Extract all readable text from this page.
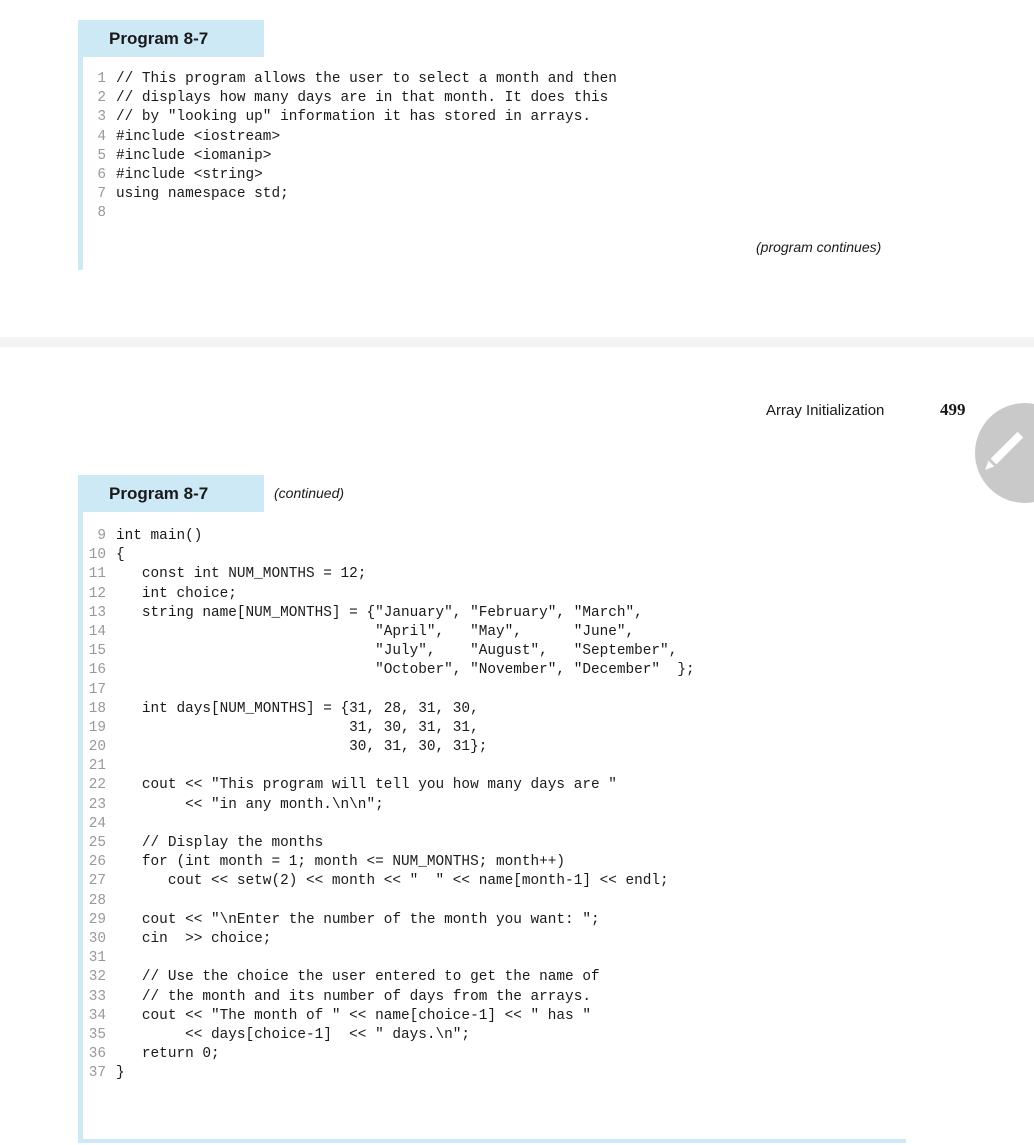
Program 8-7
1 // This program allows the user to select a month and then
2 // displays how many days are in that month. It does this
3 // by "looking up" information it has stored in arrays.
4 #include <iostream>
5 #include <iomanip>
6 #include <string>
7 using namespace std;
8
(program continues)
Array Initialization	499
Program 8-7	(continued)
9 int main()
10 {
11   const int NUM_MONTHS = 12;
12   int choice;
13   string name[NUM_MONTHS] = {"January", "February", "March",
14                              "April",   "May",      "June",
15                              "July",    "August",   "September",
16                              "October", "November", "December"  };
17
18   int days[NUM_MONTHS] = {31, 28, 31, 30,
19                           31, 30, 31, 31,
20                           30, 31, 30, 31};
21
22   cout << "This program will tell you how many days are "
23        << "in any month.\n\n";
24
25   // Display the months
26   for (int month = 1; month <= NUM_MONTHS; month++)
27      cout << setw(2) << month << "  " << name[month-1] << endl;
28
29   cout << "\nEnter the number of the month you want: ";
30   cin  >> choice;
31
32   // Use the choice the user entered to get the name of
33   // the month and its number of days from the arrays.
34   cout << "The month of " << name[choice-1] << " has "
35        << days[choice-1]  << " days.\n";
36   return 0;
37 }
